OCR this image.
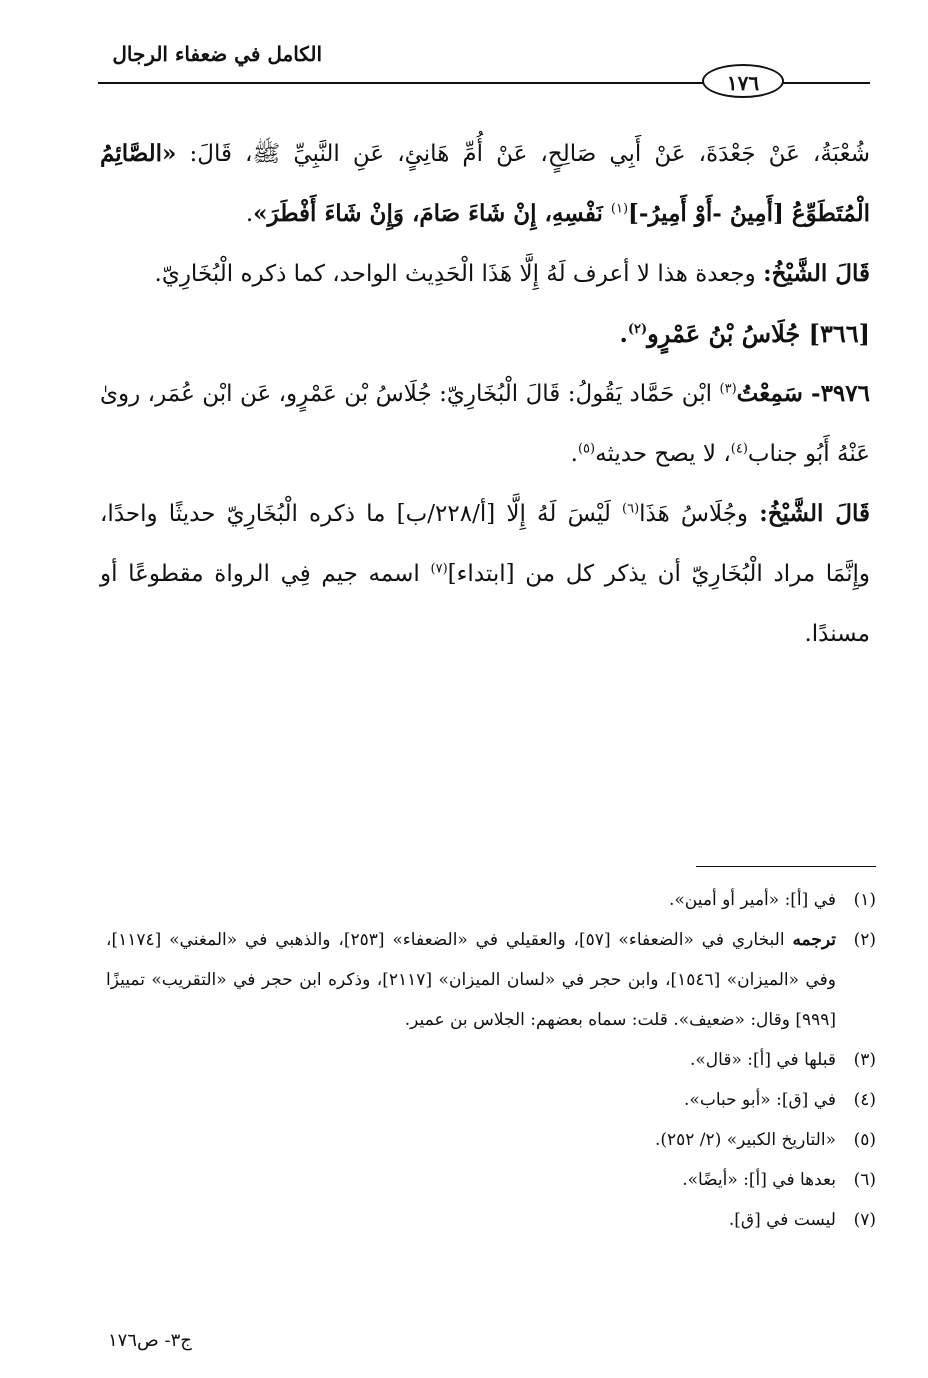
الكامل في ضعفاء الرجال
١٧٦

شُعْبَةُ، عَنْ جَعْدَةَ، عَنْ أَبِي صَالِحٍ، عَنْ أُمِّ هَانِئٍ، عَنِ النَّبِيِّ ﷺ، قَالَ: «الصَّائِمُ الْمُتَطَوِّعُ [أَمِينُ -أَوْ أَمِيرُ-]$^{(١)}$ نَفْسِهِ، إِنْ شَاءَ صَامَ، وَإِنْ شَاءَ أَفْطَرَ».

قَالَ الشَّيْخُ: وجعدة هذا لا أعرف لَهُ إِلَّا هَذَا الْحَدِيث الواحد، كما ذكره الْبُخَارِيّ.

[٣٦٦] جُلَاسُ بْنُ عَمْرٍو$^{(٢)}$.

٣٩٧٦- سَمِعْتُ$^{(٣)}$ ابْن حَمَّاد يَقُولُ: قَالَ الْبُخَارِيّ: جُلَاسُ بْن عَمْرٍو، عَن ابْن عُمَر، روىٰ عَنْهُ أَبُو جناب$^{(٤)}$، لا يصح حديثه$^{(٥)}$.

قَالَ الشَّيْخُ: وجُلَاسُ هَذَا$^{(٦)}$ لَيْسَ لَهُ إِلَّا [أ/٢٢٨/ب] ما ذكره الْبُخَارِيّ حديثًا واحدًا، وإِنَّمَا مراد الْبُخَارِيّ أن يذكر كل من [ابتداء]$^{(٧)}$ اسمه جيم فِي الرواة مقطوعًا أو مسندًا.

(١)
في [أ]: «أمير أو أمين».
(٢)
ترجمه البخاري في «الضعفاء» [٥٧]، والعقيلي في «الضعفاء» [٢٥٣]، والذهبي في «المغني» [١١٧٤]، وفي «الميزان» [١٥٤٦]، وابن حجر في «لسان الميزان» [٢١١٧]، وذكره ابن حجر في «التقريب» تمييزًا [٩٩٩] وقال: «ضعيف». قلت: سماه بعضهم: الجلاس بن عمير.
(٣)
قبلها في [أ]: «قال».
(٤)
في [ق]: «أبو حباب».
(٥)
«التاريخ الكبير» (٢/ ٢٥٢).
(٦)
بعدها في [أ]: «أيضًا».
(٧)
ليست في [ق].
ج٣- ص١٧٦
